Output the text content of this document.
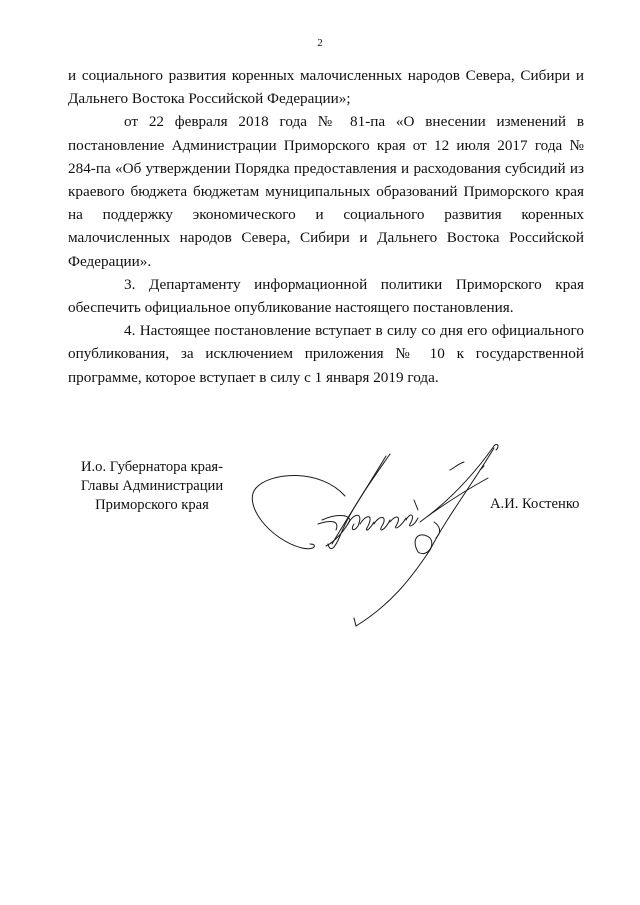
2

и социального развития коренных малочисленных народов Севера, Сибири и Дальнего Востока Российской Федерации»;

от 22 февраля 2018 года № 81-па «О внесении изменений в постановление Администрации Приморского края от 12 июля 2017 года № 284-па «Об утверждении Порядка предоставления и расходования субсидий из краевого бюджета бюджетам муниципальных образований Приморского края на поддержку экономического и социального развития коренных малочисленных народов Севера, Сибири и Дальнего Востока Российской Федерации».

3. Департаменту информационной политики Приморского края обеспечить официальное опубликование настоящего постановления.

4. Настоящее постановление вступает в силу со дня его официального опубликования, за исключением приложения № 10 к государственной программе, которое вступает в силу с 1 января 2019 года.

И.о. Губернатора края-
Главы Администрации
Приморского края	А.И. Костенко
